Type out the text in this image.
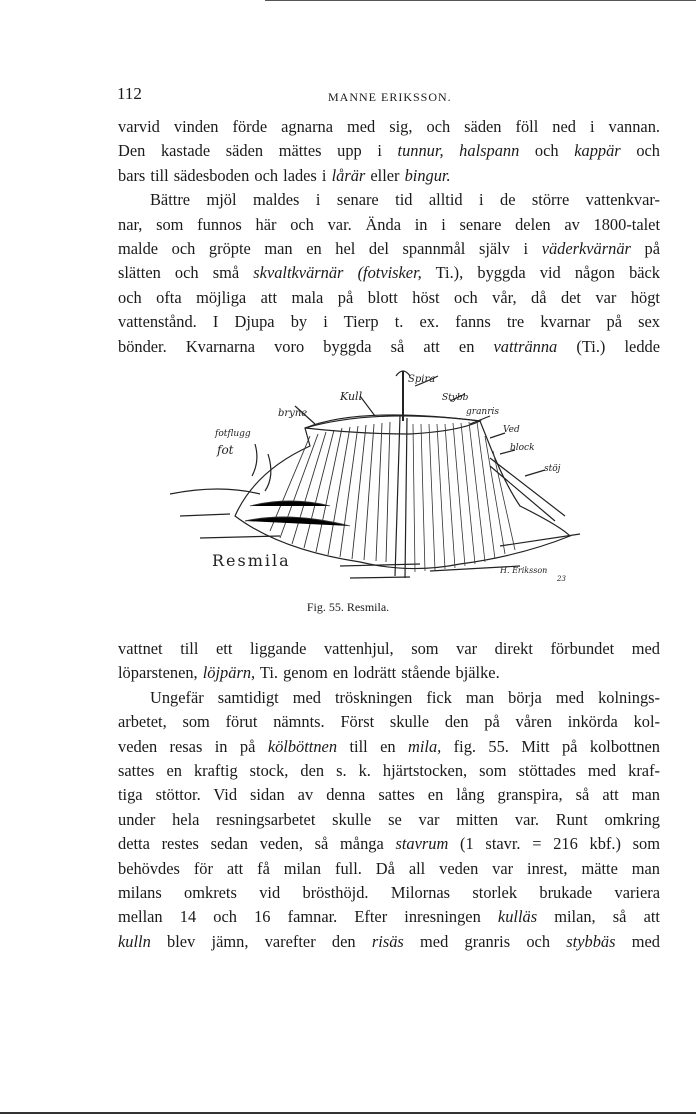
112	MANNE ERIKSSON.
varvid vinden förde agnarna med sig, och säden föll ned i vannan.
Den kastade säden mättes upp i tunnur, halspann och kappär och
bars till sädesboden och lades i lårär eller bingur.
Bättre mjöl maldes i senare tid alltid i de större vattenkvar-
nar, som funnos här och var. Ända in i senare delen av 1800-talet
malde och gröpte man en hel del spannmål själv i väderkvärnär på
slätten och små skvaltkvärnär (fotvisker, Ti.), byggda vid någon bäck
och ofta möjliga att mala på blott höst och vår, då det var högt
vattenstånd. I Djupa by i Tierp t. ex. fanns tre kvarnar på sex
bönder. Kvarnarna voro byggda så att en vattränna (Ti.) ledde
Spira
Kull	Stybb
bryne	granris
Ved
block
fotflugg
fot
stöj
Resmila
H. Eriksson
23
Fig. 55. Resmila.
vattnet till ett liggande vattenhjul, som var direkt förbundet med
löparstenen, löjpärn, Ti. genom en lodrätt stående bjälke.
Ungefär samtidigt med tröskningen fick man börja med kolnings-
arbetet, som förut nämnts. Först skulle den på våren inkörda kol-
veden resas in på kölböttnen till en mila, fig. 55. Mitt på kolbottnen
sattes en kraftig stock, den s. k. hjärtstocken, som stöttades med kraf-
tiga stöttor. Vid sidan av denna sattes en lång granspira, så att man
under hela resningsarbetet skulle se var mitten var. Runt omkring
detta restes sedan veden, så många stavrum (1 stavr. = 216 kbf.) som
behövdes för att få milan full. Då all veden var inrest, mätte man
milans omkrets vid brösthöjd. Milornas storlek brukade variera
mellan 14 och 16 famnar. Efter inresningen kulläs milan, så att
kulln blev jämn, varefter den risäs med granris och stybbäs med
